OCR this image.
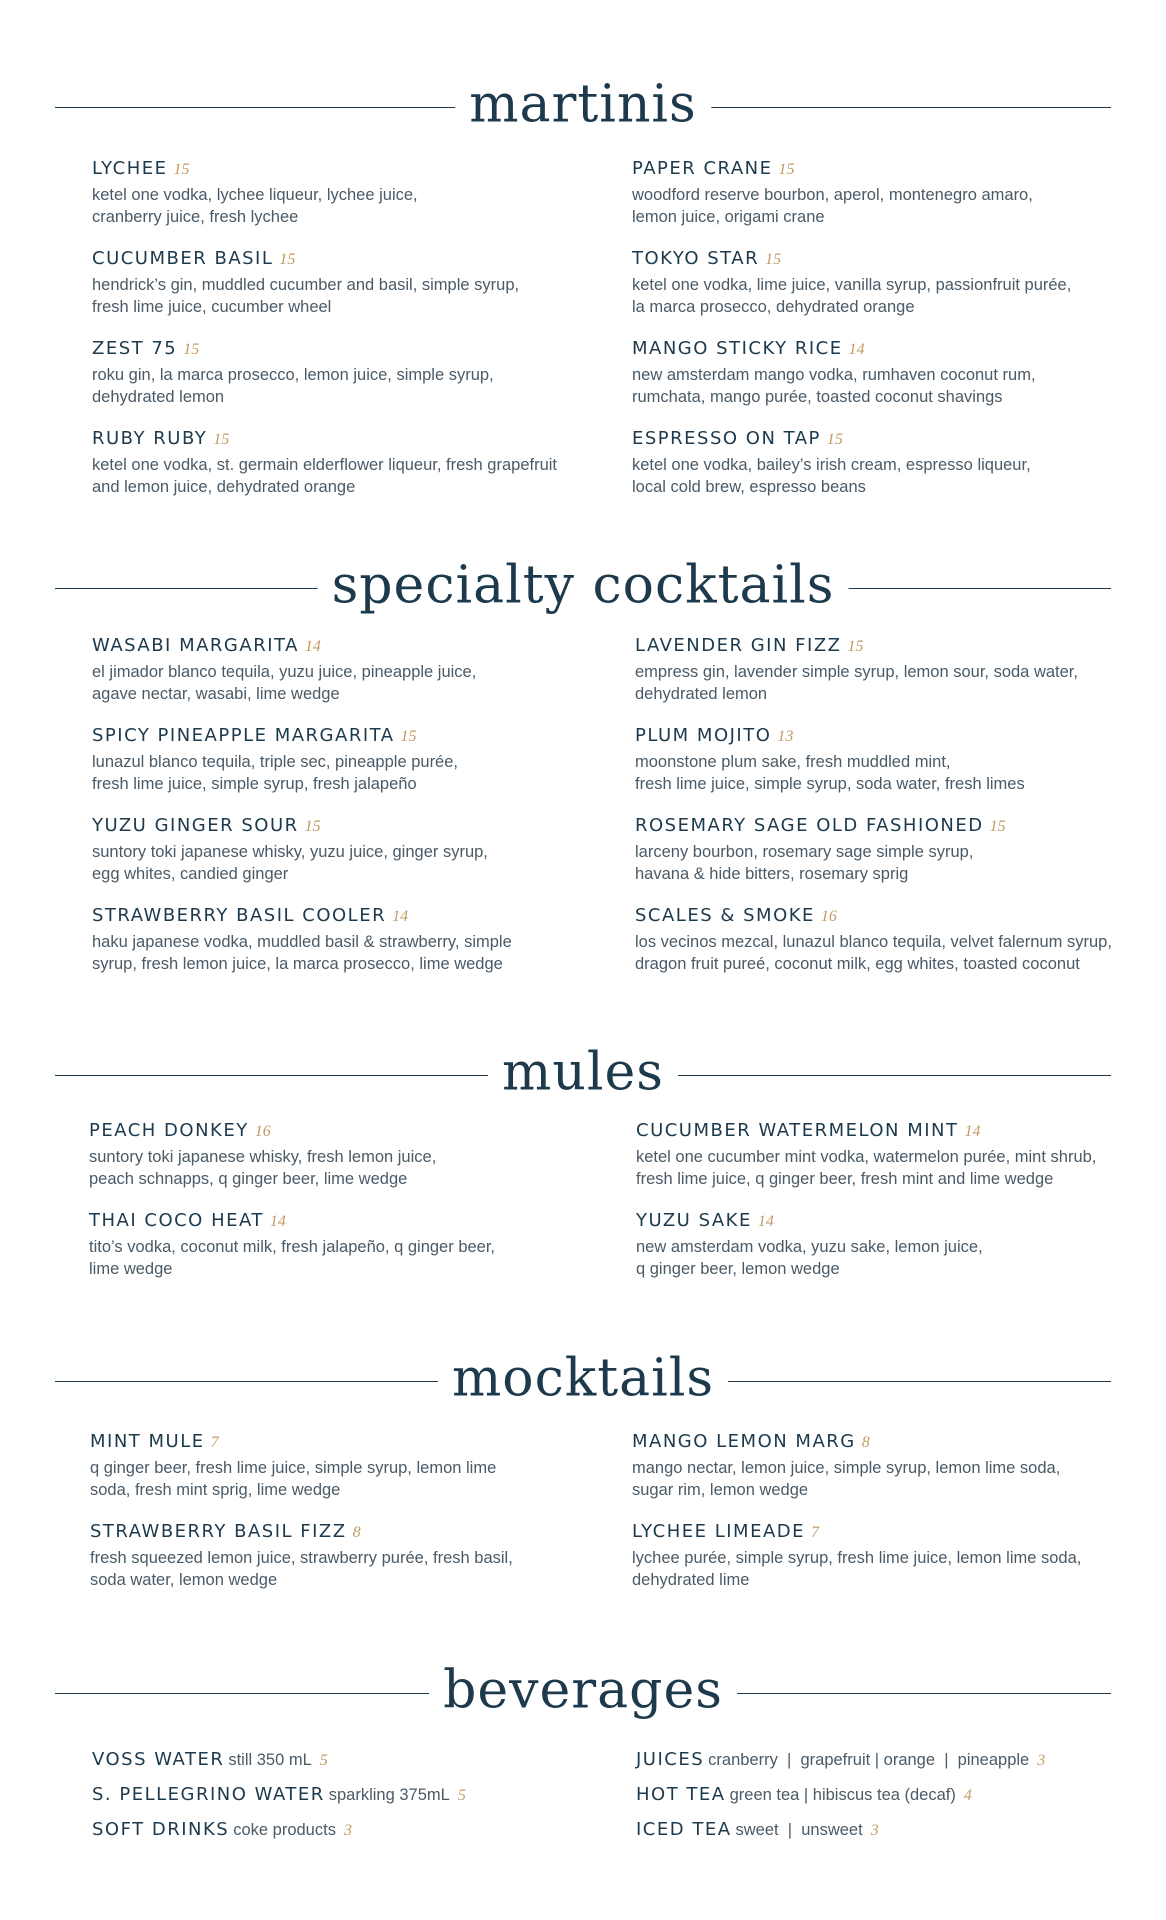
martinis
LYCHEE 15
ketel one vodka, lychee liqueur, lychee juice,
cranberry juice, fresh lychee
PAPER CRANE 15
woodford reserve bourbon, aperol, montenegro amaro,
lemon juice, origami crane
CUCUMBER BASIL 15
hendrick’s gin, muddled cucumber and basil, simple syrup,
fresh lime juice, cucumber wheel
TOKYO STAR 15
ketel one vodka, lime juice, vanilla syrup, passionfruit purée,
la marca prosecco, dehydrated orange
ZEST 75 15
roku gin, la marca prosecco, lemon juice, simple syrup,
dehydrated lemon
MANGO STICKY RICE 14
new amsterdam mango vodka, rumhaven coconut rum,
rumchata, mango purée, toasted coconut shavings
RUBY RUBY 15
ketel one vodka, st. germain elderflower liqueur, fresh grapefruit
and lemon juice, dehydrated orange
ESPRESSO ON TAP 15
ketel one vodka, bailey’s irish cream, espresso liqueur,
local cold brew, espresso beans
specialty cocktails
WASABI MARGARITA 14
el jimador blanco tequila, yuzu juice, pineapple juice,
agave nectar, wasabi, lime wedge
LAVENDER GIN FIZZ 15
empress gin, lavender simple syrup, lemon sour, soda water,
dehydrated lemon
SPICY PINEAPPLE MARGARITA 15
lunazul blanco tequila, triple sec, pineapple purée,
fresh lime juice, simple syrup, fresh jalapeño
PLUM MOJITO 13
moonstone plum sake, fresh muddled mint,
fresh lime juice, simple syrup, soda water, fresh limes
YUZU GINGER SOUR 15
suntory toki japanese whisky, yuzu juice, ginger syrup,
egg whites, candied ginger
ROSEMARY SAGE OLD FASHIONED 15
larceny bourbon, rosemary sage simple syrup,
havana & hide bitters, rosemary sprig
STRAWBERRY BASIL COOLER 14
haku japanese vodka, muddled basil & strawberry, simple
syrup, fresh lemon juice, la marca prosecco, lime wedge
SCALES & SMOKE 16
los vecinos mezcal, lunazul blanco tequila, velvet falernum syrup,
dragon fruit pureé, coconut milk, egg whites, toasted coconut
mules
PEACH DONKEY 16
suntory toki japanese whisky, fresh lemon juice,
peach schnapps, q ginger beer, lime wedge
CUCUMBER WATERMELON MINT 14
ketel one cucumber mint vodka, watermelon purée, mint shrub,
fresh lime juice, q ginger beer, fresh mint and lime wedge
THAI COCO HEAT 14
tito’s vodka, coconut milk, fresh jalapeño, q ginger beer,
lime wedge
YUZU SAKE 14
new amsterdam vodka, yuzu sake, lemon juice,
q ginger beer, lemon wedge
mocktails
MINT MULE 7
q ginger beer, fresh lime juice, simple syrup, lemon lime
soda, fresh mint sprig, lime wedge
MANGO LEMON MARG 8
mango nectar, lemon juice, simple syrup, lemon lime soda,
sugar rim, lemon wedge
STRAWBERRY BASIL FIZZ 8
fresh squeezed lemon juice, strawberry purée, fresh basil,
soda water, lemon wedge
LYCHEE LIMEADE 7
lychee purée, simple syrup, fresh lime juice, lemon lime soda,
dehydrated lime
beverages
VOSS WATER still 350 mL 5	JUICES cranberry  |  grapefruit | orange  |  pineapple 3
S. PELLEGRINO WATER sparkling 375mL 5	HOT TEA green tea | hibiscus tea (decaf) 4
SOFT DRINKS coke products 3	ICED TEA sweet  |  unsweet 3
